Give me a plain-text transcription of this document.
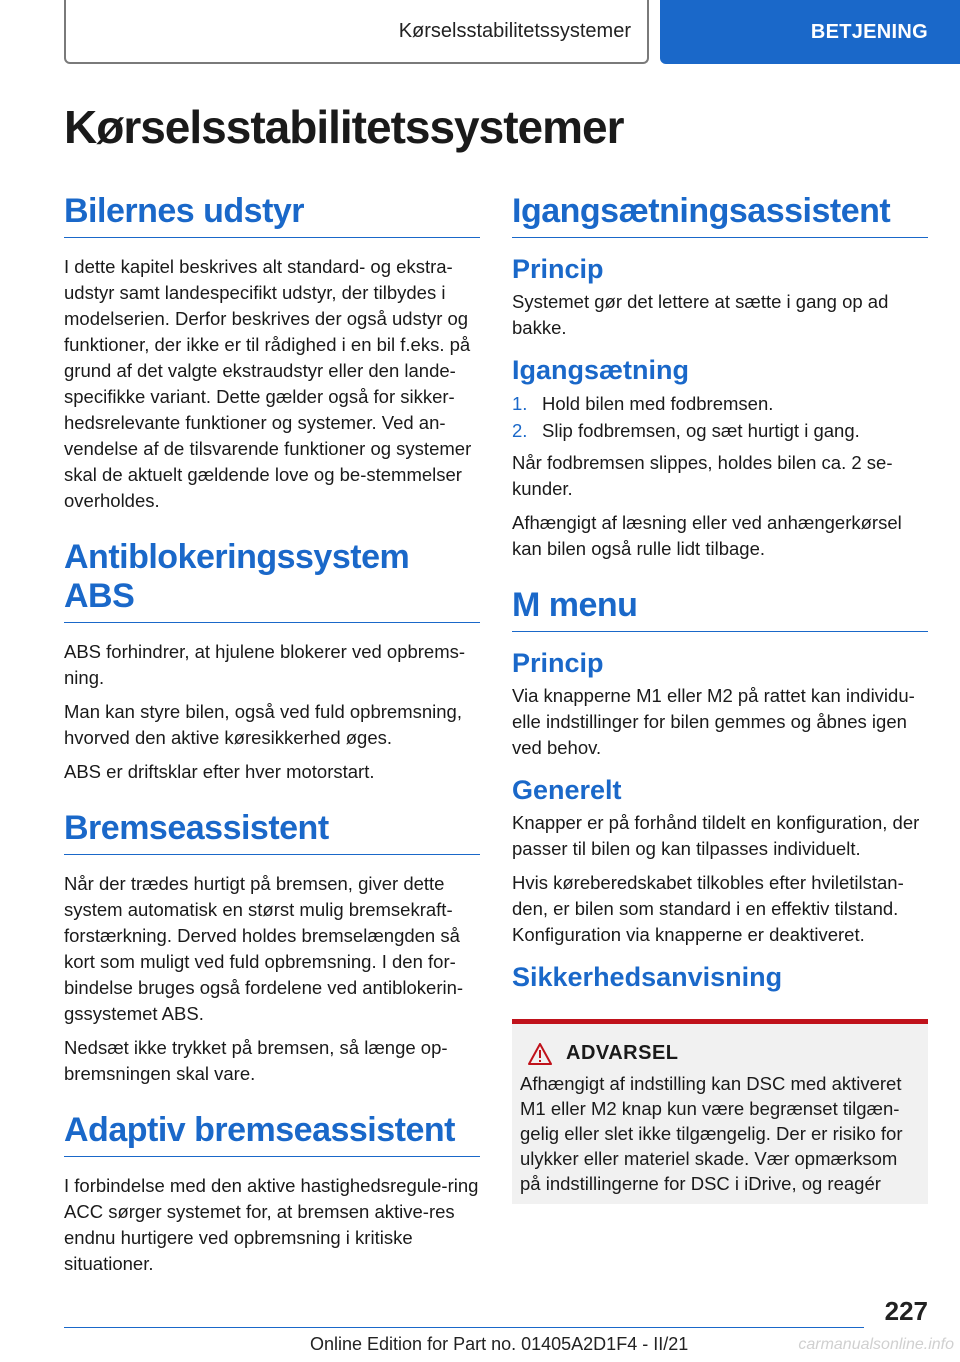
Kørselsstabilitetssystemer	BETJENING
Kørselsstabilitetssystemer
Bilernes udstyr

I dette kapitel beskrives alt standard- og ekstra-udstyr samt landespecifikt udstyr, der tilbydes i modelserien. Derfor beskrives der også udstyr og funktioner, der ikke er til rådighed i en bil f.eks. på grund af det valgte ekstraudstyr eller den lande-specifikke variant. Dette gælder også for sikker-hedsrelevante funktioner og systemer. Ved an-vendelse af de tilsvarende funktioner og systemer skal de aktuelt gældende love og be-stemmelser overholdes.

Antiblokeringssystem ABS

ABS forhindrer, at hjulene blokerer ved opbrems-ning.

Man kan styre bilen, også ved fuld opbremsning, hvorved den aktive køresikkerhed øges.

ABS er driftsklar efter hver motorstart.

Bremseassistent

Når der trædes hurtigt på bremsen, giver dette system automatisk en størst mulig bremsekraft-forstærkning. Derved holdes bremselængden så kort som muligt ved fuld opbremsning. I den for-bindelse bruges også fordelene ved antiblokerin-gssystemet ABS.

Nedsæt ikke trykket på bremsen, så længe op-bremsningen skal vare.

Adaptiv bremseassistent

I forbindelse med den aktive hastighedsregule-ring ACC sørger systemet for, at bremsen aktive-res endnu hurtigere ved opbremsning i kritiske situationer.

Igangsætningsassistent
Princip

Systemet gør det lettere at sætte i gang op ad bakke.

Igangsætning
1. Hold bilen med fodbremsen.
2. Slip fodbremsen, og sæt hurtigt i gang.

Når fodbremsen slippes, holdes bilen ca. 2 se-kunder.

Afhængigt af læsning eller ved anhængerkørsel kan bilen også rulle lidt tilbage.

M menu
Princip

Via knapperne M1 eller M2 på rattet kan individu-elle indstillinger for bilen gemmes og åbnes igen ved behov.

Generelt

Knapper er på forhånd tildelt en konfiguration, der passer til bilen og kan tilpasses individuelt.

Hvis køreberedskabet tilkobles efter hviletilstan-den, er bilen som standard i en effektiv tilstand. Konfiguration via knapperne er deaktiveret.

Sikkerhedsanvisning
ADVARSEL

Afhængigt af indstilling kan DSC med aktiveret M1 eller M2 knap kun være begrænset tilgæn-gelig eller slet ikke tilgængelig. Der er risiko for ulykker eller materiel skade. Vær opmærksom på indstillingerne for DSC i iDrive, og reagér

227
Online Edition for Part no. 01405A2D1F4 - II/21	carmanualsonline.info
